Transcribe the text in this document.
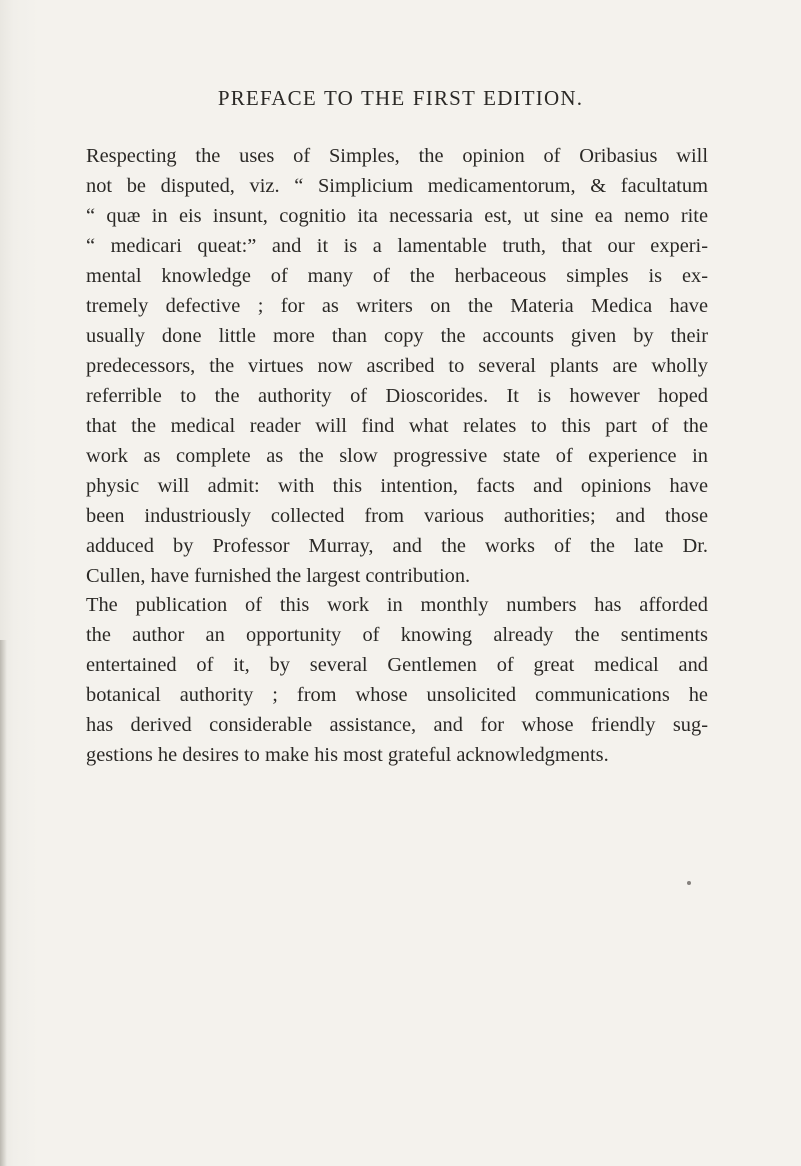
PREFACE TO THE FIRST EDITION.
Respecting the uses of Simples, the opinion of Oribasius will
not be disputed, viz. “ Simplicium medicamentorum, & facultatum
“ quæ in eis insunt, cognitio ita necessaria est, ut sine ea nemo rite
“ medicari queat:” and it is a lamentable truth, that our experi-
mental knowledge of many of the herbaceous simples is ex-
tremely defective ; for as writers on the Materia Medica have
usually done little more than copy the accounts given by their
predecessors, the virtues now ascribed to several plants are wholly
referrible to the authority of Dioscorides. It is however hoped
that the medical reader will find what relates to this part of the
work as complete as the slow progressive state of experience in
physic will admit: with this intention, facts and opinions have
been industriously collected from various authorities; and those
adduced by Professor Murray, and the works of the late Dr.
Cullen, have furnished the largest contribution.
The publication of this work in monthly numbers has afforded
the author an opportunity of knowing already the sentiments
entertained of it, by several Gentlemen of great medical and
botanical authority ; from whose unsolicited communications he
has derived considerable assistance, and for whose friendly sug-
gestions he desires to make his most grateful acknowledgments.
